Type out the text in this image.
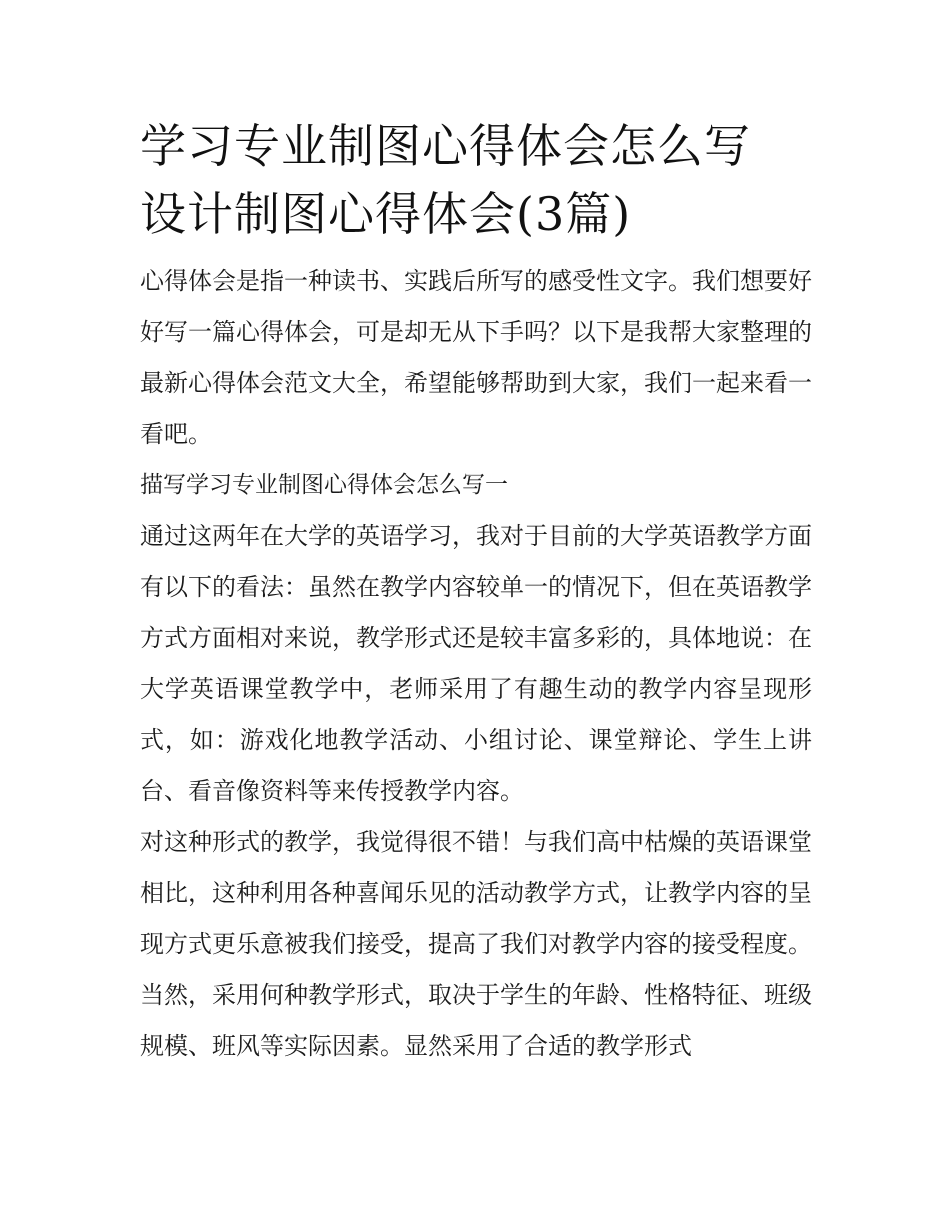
学习专业制图心得体会怎么写
设计制图心得体会(3篇)

心得体会是指一种读书、实践后所写的感受性文字。我们想要好好写一篇心得体会，可是却无从下手吗？以下是我帮大家整理的最新心得体会范文大全，希望能够帮助到大家，我们一起来看一看吧。

描写学习专业制图心得体会怎么写一

通过这两年在大学的英语学习，我对于目前的大学英语教学方面有以下的看法：虽然在教学内容较单一的情况下，但在英语教学方式方面相对来说，教学形式还是较丰富多彩的，具体地说：在大学英语课堂教学中，老师采用了有趣生动的教学内容呈现形式，如：游戏化地教学活动、小组讨论、课堂辩论、学生上讲台、看音像资料等来传授教学内容。

对这种形式的教学，我觉得很不错！与我们高中枯燥的英语课堂相比，这种利用各种喜闻乐见的活动教学方式，让教学内容的呈现方式更乐意被我们接受，提高了我们对教学内容的接受程度。当然，采用何种教学形式，取决于学生的年龄、性格特征、班级规模、班风等实际因素。显然采用了合适的教学形式
